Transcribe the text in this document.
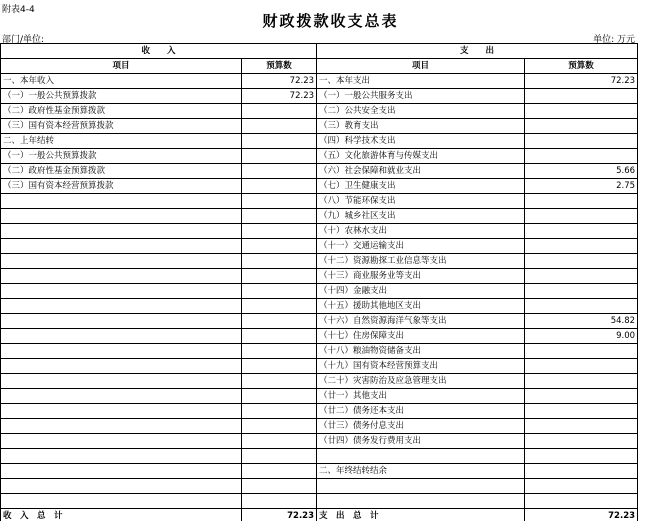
附表4-4
财政拨款收支总表
部门/单位:	单位: 万元
收　　入		支　　出	
项目	预算数	项目	预算数
一、本年收入	72.23	一、本年支出	72.23
（一）一般公共预算拨款	72.23	（一）一般公共服务支出	
（二）政府性基金预算拨款		（二）公共安全支出	
（三）国有资本经营预算拨款		（三）教育支出	
二、上年结转		（四）科学技术支出	
（一）一般公共预算拨款		（五）文化旅游体育与传媒支出	
（二）政府性基金预算拨款		（六）社会保障和就业支出	5.66
（三）国有资本经营预算拨款		（七）卫生健康支出	2.75
		（八）节能环保支出	
		（九）城乡社区支出	
		（十）农林水支出	
		（十一）交通运输支出	
		（十二）资源勘探工业信息等支出	
		（十三）商业服务业等支出	
		（十四）金融支出	
		（十五）援助其他地区支出	
		（十六）自然资源海洋气象等支出	54.82
		（十七）住房保障支出	9.00
		（十八）粮油物资储备支出	
		（十九）国有资本经营预算支出	
		（二十）灾害防治及应急管理支出	
		（廿一）其他支出	
		（廿二）债务还本支出	
		（廿三）债务付息支出	
		（廿四）债务发行费用支出	

		二、年终结转结余	

收　入　总　计	72.23	支　出　总　计	72.23
